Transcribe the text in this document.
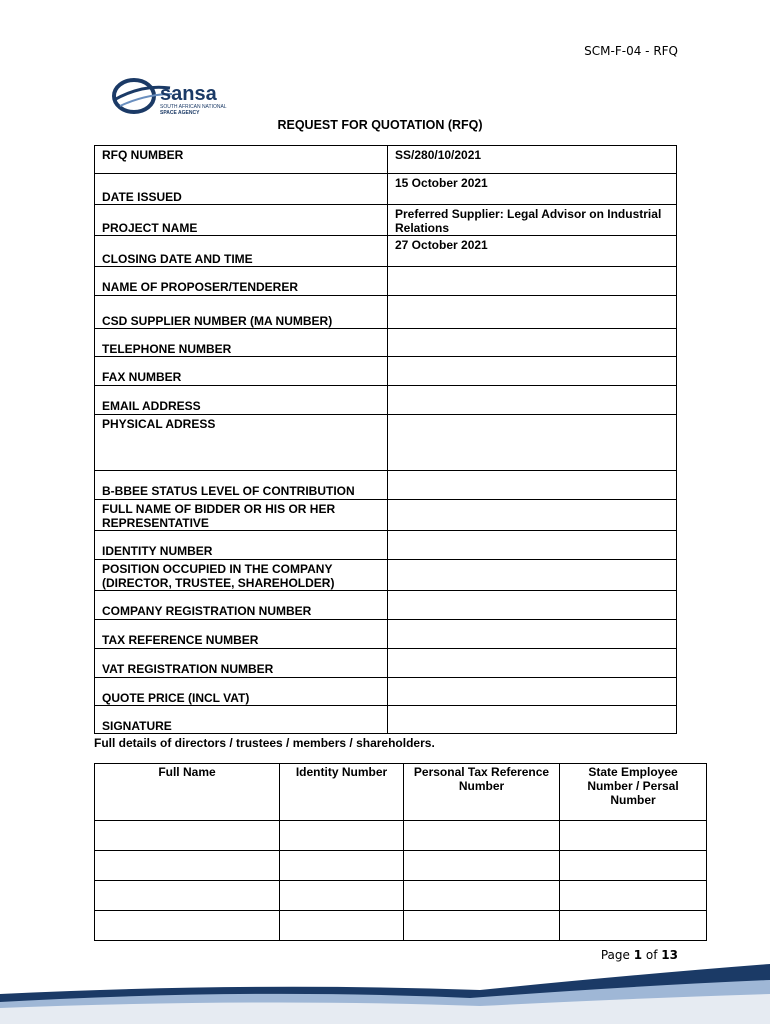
SCM-F-04 - RFQ
sansa
SOUTH AFRICAN NATIONAL
SPACE AGENCY
REQUEST FOR QUOTATION (RFQ)
RFQ NUMBER	SS/280/10/2021
DATE ISSUED	15 October 2021
PROJECT NAME	Preferred Supplier: Legal Advisor on Industrial Relations
CLOSING DATE AND TIME	27 October 2021
NAME OF PROPOSER/TENDERER	
CSD SUPPLIER NUMBER (MA NUMBER)	
TELEPHONE NUMBER	
FAX NUMBER	
EMAIL ADDRESS	
PHYSICAL ADRESS	
B-BBEE STATUS LEVEL OF CONTRIBUTION	
FULL NAME OF BIDDER OR HIS OR HER REPRESENTATIVE	
IDENTITY NUMBER	
POSITION OCCUPIED IN THE COMPANY (DIRECTOR, TRUSTEE, SHAREHOLDER)	
COMPANY REGISTRATION NUMBER	
TAX REFERENCE NUMBER	
VAT REGISTRATION NUMBER	
QUOTE PRICE (INCL VAT)	
SIGNATURE	
Full details of directors / trustees / members / shareholders.
Full Name	Identity Number	Personal Tax Reference Number	State Employee Number / Persal Number

Page 1 of 13
